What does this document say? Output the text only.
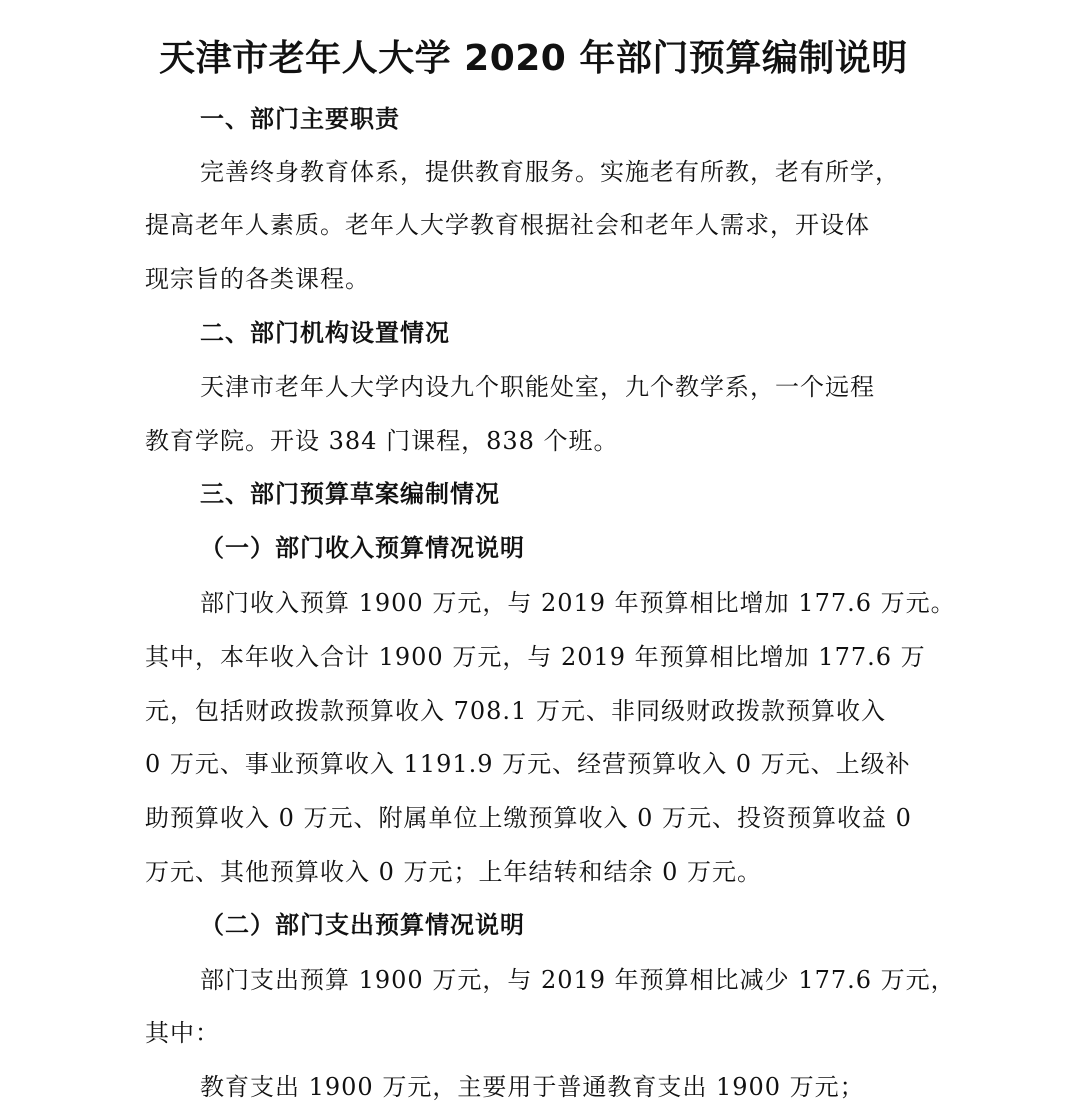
天津市老年人大学 2020 年部门预算编制说明
一、部门主要职责
完善终身教育体系，提供教育服务。实施老有所教，老有所学，
提高老年人素质。老年人大学教育根据社会和老年人需求，开设体
现宗旨的各类课程。
二、部门机构设置情况
天津市老年人大学内设九个职能处室，九个教学系，一个远程
教育学院。开设 384 门课程，838 个班。
三、部门预算草案编制情况
（一）部门收入预算情况说明
部门收入预算 1900 万元，与 2019 年预算相比增加 177.6 万元。
其中，本年收入合计 1900 万元，与 2019 年预算相比增加 177.6 万
元，包括财政拨款预算收入 708.1 万元、非同级财政拨款预算收入
0 万元、事业预算收入 1191.9 万元、经营预算收入 0 万元、上级补
助预算收入 0 万元、附属单位上缴预算收入 0 万元、投资预算收益 0
万元、其他预算收入 0 万元；上年结转和结余 0 万元。
（二）部门支出预算情况说明
部门支出预算 1900 万元，与 2019 年预算相比减少 177.6 万元，
其中：
教育支出 1900 万元，主要用于普通教育支出 1900 万元；
